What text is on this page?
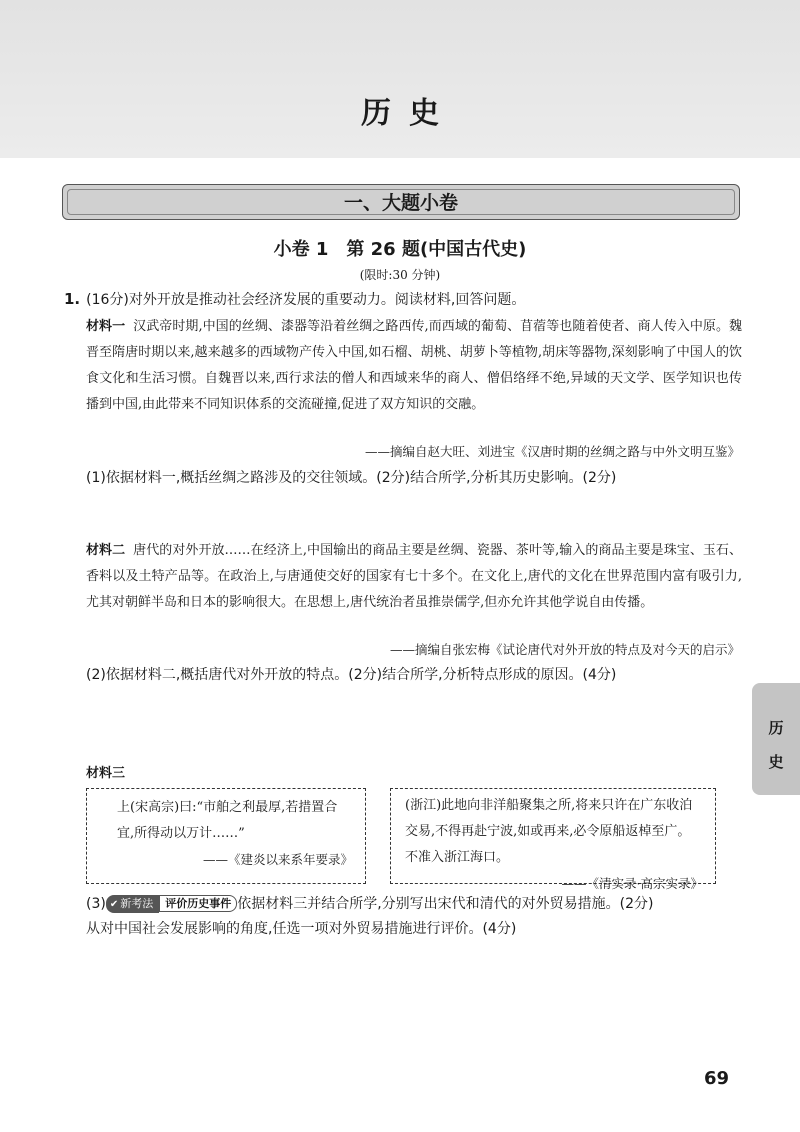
历史
一、大题小卷
小卷 1　第 26 题(中国古代史)
(限时:30 分钟)
1. (16分)对外开放是推动社会经济发展的重要动力。阅读材料,回答问题。
材料一 汉武帝时期,中国的丝绸、漆器等沿着丝绸之路西传,而西域的葡萄、苜蓿等也随着使者、商人传入中原。魏晋至隋唐时期以来,越来越多的西域物产传入中国,如石榴、胡桃、胡萝卜等植物,胡床等器物,深刻影响了中国人的饮食文化和生活习惯。自魏晋以来,西行求法的僧人和西域来华的商人、僧侣络绎不绝,异域的天文学、医学知识也传播到中国,由此带来不同知识体系的交流碰撞,促进了双方知识的交融。
——摘编自赵大旺、刘进宝《汉唐时期的丝绸之路与中外文明互鉴》
(1)依据材料一,概括丝绸之路涉及的交往领域。(2分)结合所学,分析其历史影响。(2分)
材料二 唐代的对外开放……在经济上,中国输出的商品主要是丝绸、瓷器、茶叶等,输入的商品主要是珠宝、玉石、香料以及土特产品等。在政治上,与唐通使交好的国家有七十多个。在文化上,唐代的文化在世界范围内富有吸引力,尤其对朝鲜半岛和日本的影响很大。在思想上,唐代统治者虽推崇儒学,但亦允许其他学说自由传播。
——摘编自张宏梅《试论唐代对外开放的特点及对今天的启示》
(2)依据材料二,概括唐代对外开放的特点。(2分)结合所学,分析特点形成的原因。(4分)
材料三
上(宋高宗)曰:“市舶之利最厚,若措置合宜,所得动以万计……”
——《建炎以来系年要录》
(浙江)此地向非洋船聚集之所,将来只许在广东收泊交易,不得再赴宁波,如或再来,必令原船返棹至广。不准入浙江海口。
——《清实录·高宗实录》
(3) ✔ 新考法 评价历史事件 依据材料三并结合所学,分别写出宋代和清代的对外贸易措施。(2分)
从对中国社会发展影响的角度,任选一项对外贸易措施进行评价。(4分)
历史
69
